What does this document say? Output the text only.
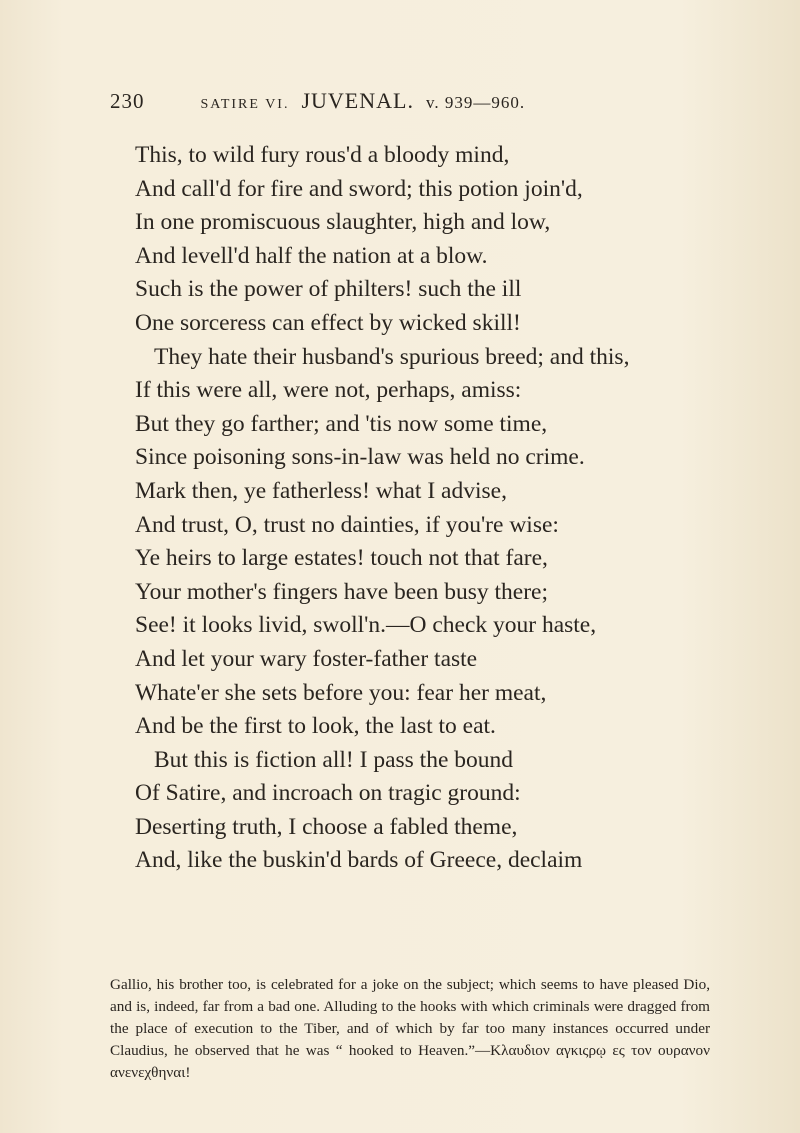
230	SATIRE VI. JUVENAL. v. 939—960.
This, to wild fury rous'd a bloody mind,
And call'd for fire and sword; this potion join'd,
In one promiscuous slaughter, high and low,
And levell'd half the nation at a blow.
Such is the power of philters! such the ill
One sorceress can effect by wicked skill!
They hate their husband's spurious breed; and this,
If this were all, were not, perhaps, amiss:
But they go farther; and 'tis now some time,
Since poisoning sons-in-law was held no crime.
Mark then, ye fatherless! what I advise,
And trust, O, trust no dainties, if you're wise:
Ye heirs to large estates! touch not that fare,
Your mother's fingers have been busy there;
See! it looks livid, swoll'n.—O check your haste,
And let your wary foster-father taste
Whate'er she sets before you: fear her meat,
And be the first to look, the last to eat.
But this is fiction all! I pass the bound
Of Satire, and incroach on tragic ground:
Deserting truth, I choose a fabled theme,
And, like the buskin'd bards of Greece, declaim

Gallio, his brother too, is celebrated for a joke on the subject; which seems to have pleased Dio, and is, indeed, far from a bad one. Alluding to the hooks with which criminals were dragged from the place of execution to the Tiber, and of which by far too many instances occurred under Claudius, he observed that he was “ hooked to Heaven.”—Κλαυδιον αγκιςρῳ ες τον ουρανον ανενεχθηναι!
